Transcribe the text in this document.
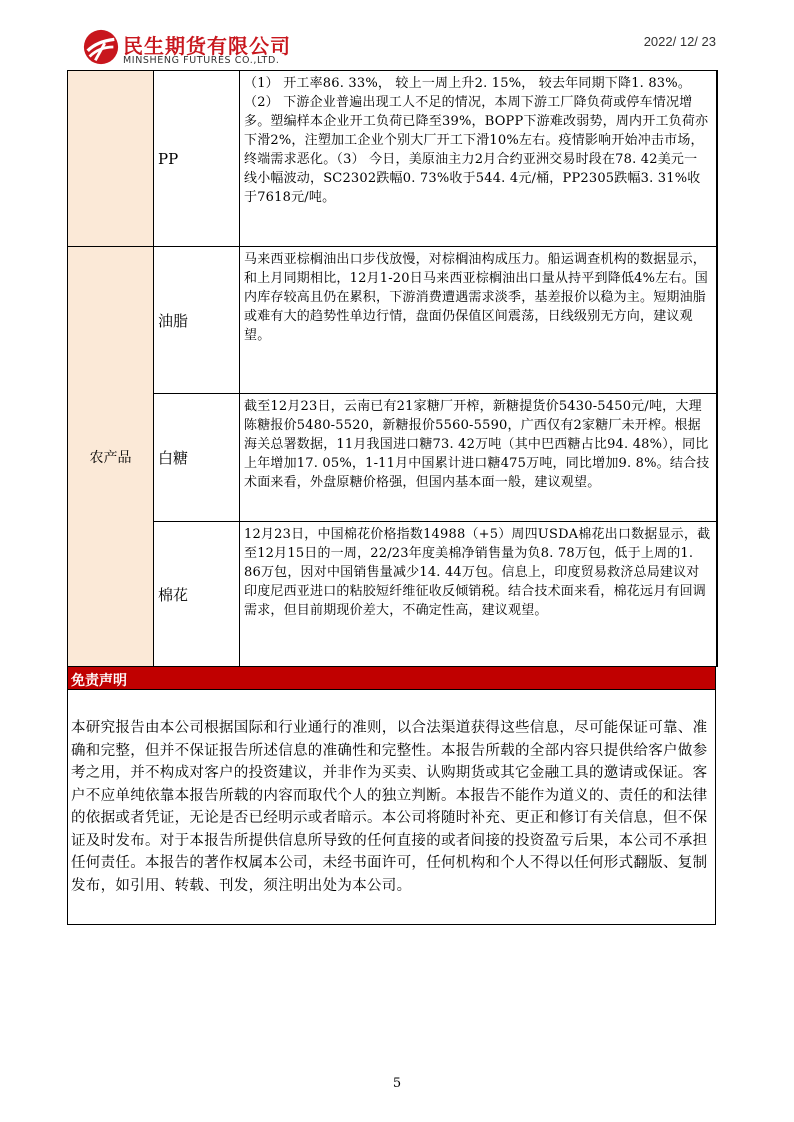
民生期货有限公司
MINSHENG FUTURES CO.,LTD.
2022/ 12/ 23
	PP	（1） 开工率86. 33%， 较上一周上升2. 15%， 较去年同期下降1. 83%。（2） 下游企业普遍出现工人不足的情况，本周下游工厂降负荷或停车情况增多。塑编样本企业开工负荷已降至39%，BOPP下游难改弱势，周内开工负荷亦下滑2%，注塑加工企业个别大厂开工下滑10%左右。疫情影响开始冲击市场，终端需求恶化。（3） 今日，美原油主力2月合约亚洲交易时段在78. 42美元一线小幅波动，SC2302跌幅0. 73%收于544. 4元/桶，PP2305跌幅3. 31%收于7618元/吨。
农产品	油脂	马来西亚棕榈油出口步伐放慢，对棕榈油构成压力。船运调查机构的数据显示，和上月同期相比，12月1-20日马来西亚棕榈油出口量从持平到降低4%左右。国内库存较高且仍在累积，下游消费遭遇需求淡季，基差报价以稳为主。短期油脂或难有大的趋势性单边行情，盘面仍保值区间震荡，日线级别无方向，建议观望。
	白糖	截至12月23日，云南已有21家糖厂开榨，新糖提货价5430-5450元/吨，大理陈糖报价5480-5520，新糖报价5560-5590，广西仅有2家糖厂未开榨。根据海关总署数据，11月我国进口糖73. 42万吨（其中巴西糖占比94. 48%），同比上年增加17. 05%，1-11月中国累计进口糖475万吨，同比增加9. 8%。结合技术面来看，外盘原糖价格强，但国内基本面一般，建议观望。
	棉花	12月23日，中国棉花价格指数14988（+5）周四USDA棉花出口数据显示，截至12月15日的一周，22/23年度美棉净销售量为负8. 78万包，低于上周的1. 86万包，因对中国销售量减少14. 44万包。信息上，印度贸易救济总局建议对印度尼西亚进口的粘胶短纤维征收反倾销税。结合技术面来看，棉花远月有回调需求，但目前期现价差大，不确定性高，建议观望。
免责声明
本研究报告由本公司根据国际和行业通行的准则，以合法渠道获得这些信息，尽可能保证可靠、准确和完整，但并不保证报告所述信息的准确性和完整性。本报告所载的全部内容只提供给客户做参考之用，并不构成对客户的投资建议，并非作为买卖、认购期货或其它金融工具的邀请或保证。客户不应单纯依靠本报告所载的内容而取代个人的独立判断。本报告不能作为道义的、责任的和法律的依据或者凭证，无论是否已经明示或者暗示。本公司将随时补充、更正和修订有关信息，但不保证及时发布。对于本报告所提供信息所导致的任何直接的或者间接的投资盈亏后果，本公司不承担任何责任。本报告的著作权属本公司，未经书面许可，任何机构和个人不得以任何形式翻版、复制发布，如引用、转载、刊发，须注明出处为本公司。
5
